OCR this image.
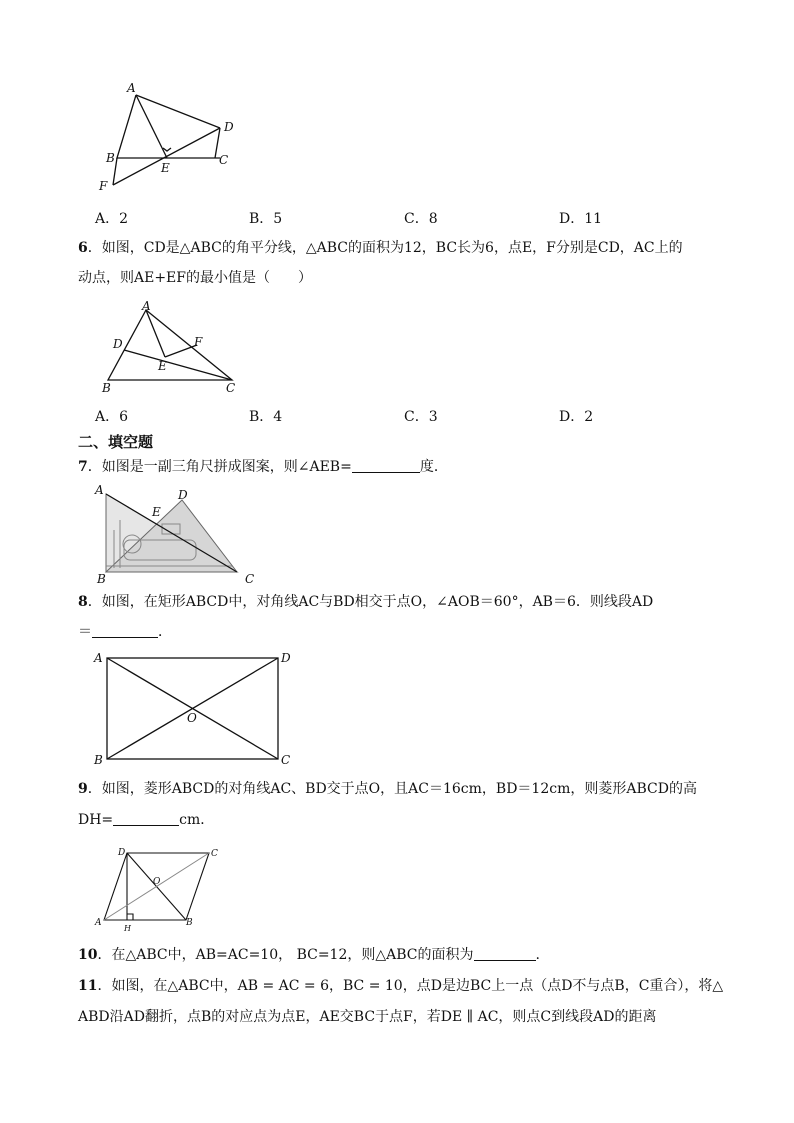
A
B	C
D
E
F
A．2	B．5	C．8	D．11
6．如图，CD是△ABC的角平分线，△ABC的面积为12，BC长为6，点E，F分别是CD，AC上的
动点，则AE+EF的最小值是（　　）
A
B	C
D
E
F
A．6	B．4	C．3	D．2
二、填空题
7．如图是一副三角尺拼成图案，则∠AEB=	度．
A
B	C
D
E
8．如图，在矩形ABCD中，对角线AC与BD相交于点O，∠AOB＝60°，AB＝6．则线段AD
＝	．
A
B	C
D
O
9．如图，菱形ABCD的对角线AC、BD交于点O，且AC＝16cm，BD＝12cm，则菱形ABCD的高
DH=	cm．
A	B
C
D
O
H
10．在△ABC中，AB=AC=10， BC=12，则△ABC的面积为	.
11．如图，在△ABC中，AB = AC = 6，BC = 10，点D是边BC上一点（点D不与点B，C重合），将△
ABD沿AD翻折，点B的对应点为点E，AE交BC于点F，若DE ∥ AC，则点C到线段AD的距离
